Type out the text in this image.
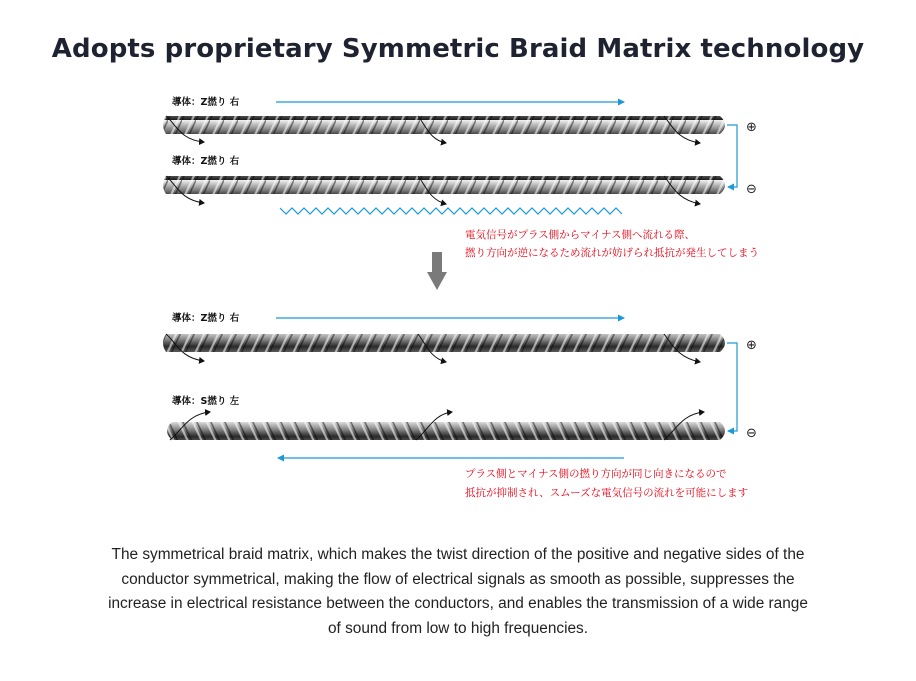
Adopts proprietary Symmetric Braid Matrix technology
導体：Z撚り 右
導体：Z撚り 右
⊕
⊖
電気信号がプラス側からマイナス側へ流れる際、
撚り方向が逆になるため流れが妨げられ抵抗が発生してしまう
導体：Z撚り 右
導体：S撚り 左
⊕
⊖
プラス側とマイナス側の撚り方向が同じ向きになるので
抵抗が抑制され、スムーズな電気信号の流れを可能にします
The symmetrical braid matrix, which makes the twist direction of the positive and negative sides of the conductor symmetrical, making the flow of electrical signals as smooth as possible, suppresses the increase in electrical resistance between the conductors, and enables the transmission of a wide range of sound from low to high frequencies.
